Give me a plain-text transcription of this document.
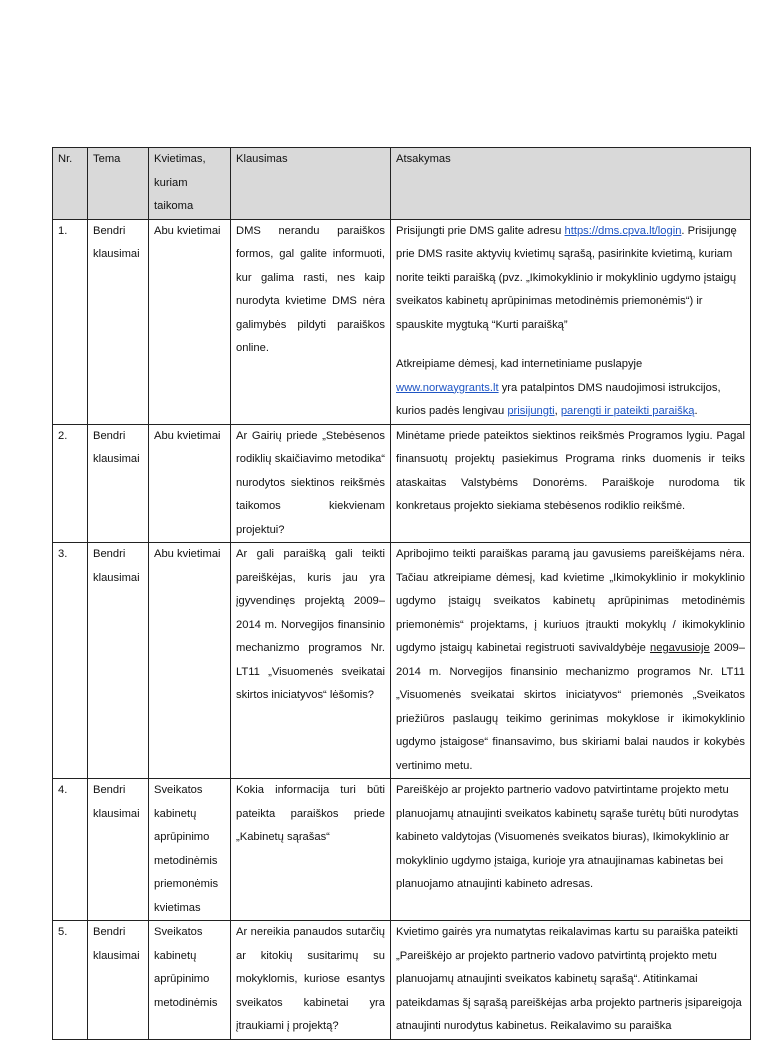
Nr.	Tema	Kvietimas, kuriam taikoma	Klausimas	Atsakymas
1.	Bendri klausimai	Abu kvietimai	DMS nerandu paraiškos formos, gal galite informuoti, kur galima rasti, nes kaip nurodyta kvietime DMS nėra galimybės pildyti paraiškos online.	Prisijungti prie DMS galite adresu https://dms.cpva.lt/login. Prisijungę prie DMS rasite aktyvių kvietimų sąrašą, pasirinkite kvietimą, kuriam norite teikti paraišką (pvz. „Ikimokyklinio ir mokyklinio ugdymo įstaigų sveikatos kabinetų aprūpinimas metodinėmis priemonėmis“) ir spauskite mygtuką “Kurti paraišką”
Atkreipiame dėmesį, kad internetiniame puslapyje www.norwaygrants.lt yra patalpintos DMS naudojimosi istrukcijos, kurios padės lengivau prisijungti, parengti ir pateikti paraišką.

2.	Bendri klausimai	Abu kvietimai	Ar Gairių priede „Stebėsenos rodiklių skaičiavimo metodika“ nurodytos siektinos reikšmės taikomos kiekvienam projektui?	Minėtame priede pateiktos siektinos reikšmės Programos lygiu. Pagal finansuotų projektų pasiekimus Programa rinks duomenis ir teiks ataskaitas Valstybėms Donorėms. Paraiškoje nurodoma tik konkretaus projekto siekiama stebėsenos rodiklio reikšmė.
3.	Bendri klausimai	Abu kvietimai	Ar gali paraišką gali teikti pareiškėjas, kuris jau yra įgyvendinęs projektą 2009–2014 m. Norvegijos finansinio mechanizmo programos Nr. LT11 „Visuomenės sveikatai skirtos iniciatyvos“ lėšomis?	Apribojimo teikti paraiškas paramą jau gavusiems pareiškėjams nėra. Tačiau atkreipiame dėmesį, kad kvietime „Ikimokyklinio ir mokyklinio ugdymo įstaigų sveikatos kabinetų aprūpinimas metodinėmis priemonėmis“ projektams, į kuriuos įtraukti mokyklų / ikimokyklinio ugdymo įstaigų kabinetai registruoti savivaldybėje negavusioje 2009–2014 m. Norvegijos finansinio mechanizmo programos Nr. LT11 „Visuomenės sveikatai skirtos iniciatyvos“ priemonės „Sveikatos priežiūros paslaugų teikimo gerinimas mokyklose ir ikimokyklinio ugdymo įstaigose“ finansavimo, bus skiriami balai naudos ir kokybės vertinimo metu.
4.	Bendri klausimai	Sveikatos kabinetų aprūpinimo metodinėmis priemonėmis kvietimas	Kokia informacija turi būti pateikta paraiškos priede „Kabinetų sąrašas“	Pareiškėjo ar projekto partnerio vadovo patvirtintame projekto metu planuojamų atnaujinti sveikatos kabinetų sąraše turėtų būti nurodytas kabineto valdytojas (Visuomenės sveikatos biuras), Ikimokyklinio ar mokyklinio ugdymo įstaiga, kurioje yra atnaujinamas kabinetas bei planuojamo atnaujinti kabineto adresas.
5.	Bendri klausimai	Sveikatos kabinetų aprūpinimo metodinėmis	Ar nereikia panaudos sutarčių ar kitokių susitarimų su mokyklomis, kuriose esantys sveikatos kabinetai yra įtraukiami į projektą?	Kvietimo gairės yra numatytas reikalavimas kartu su paraiška pateikti „Pareiškėjo ar projekto partnerio vadovo patvirtintą projekto metu planuojamų atnaujinti sveikatos kabinetų sąrašą“. Atitinkamai pateikdamas šį sąrašą pareiškėjas arba projekto partneris įsipareigoja atnaujinti nurodytus kabinetus. Reikalavimo su paraiška
